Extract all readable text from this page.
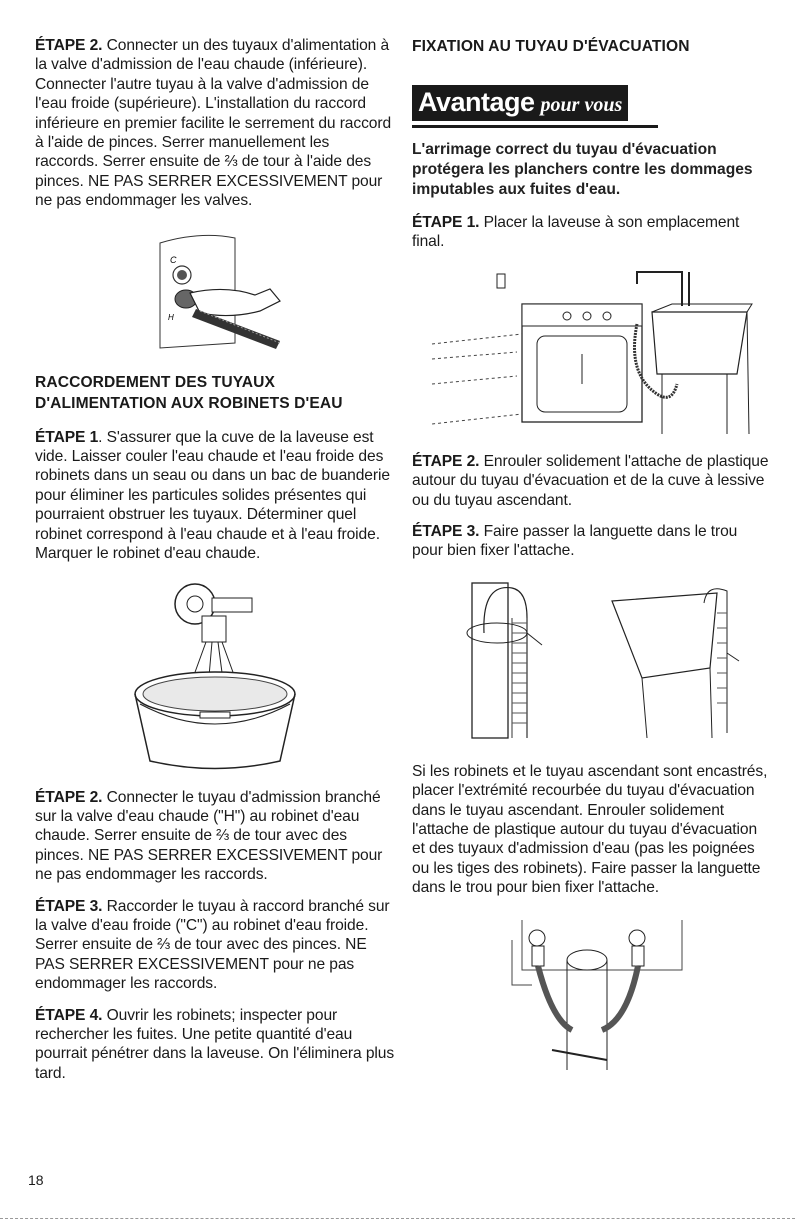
ÉTAPE 2. Connecter un des tuyaux d'alimentation à la valve d'admission de l'eau chaude (inférieure). Connecter l'autre tuyau à la valve d'admission de l'eau froide (supérieure). L'installation du raccord inférieure en premier facilite le serrement du raccord à l'aide de pinces. Serrer manuellement les raccords. Serrer ensuite de ⅔ de tour à l'aide des pinces. NE PAS SERRER EXCESSIVEMENT pour ne pas endommager les valves.

C
H
RACCORDEMENT DES TUYAUX D'ALIMENTATION AUX ROBINETS D'EAU

ÉTAPE 1. S'assurer que la cuve de la laveuse est vide. Laisser couler l'eau chaude et l'eau froide des robinets dans un seau ou dans un bac de buanderie pour éliminer les particules solides présentes qui pourraient obstruer les tuyaux. Déterminer quel robinet correspond à l'eau chaude et à l'eau froide. Marquer le robinet d'eau chaude.

ÉTAPE 2. Connecter le tuyau d'admission branché sur la valve d'eau chaude ("H") au robinet d'eau chaude. Serrer ensuite de ⅔ de tour avec des pinces. NE PAS SERRER EXCESSIVEMENT pour ne pas endommager les raccords.

ÉTAPE 3. Raccorder le tuyau à raccord branché sur la valve d'eau froide ("C") au robinet d'eau froide. Serrer ensuite de ⅔ de tour avec des pinces. NE PAS SERRER EXCESSIVEMENT pour ne pas endommager les raccords.

ÉTAPE 4. Ouvrir les robinets; inspecter pour rechercher les fuites. Une petite quantité d'eau pourrait pénétrer dans la laveuse. On l'éliminera plus tard.

FIXATION AU TUYAU D'ÉVACUATION
Avantage pour vous

L'arrimage correct du tuyau d'évacuation protégera les planchers contre les dommages imputables aux fuites d'eau.

ÉTAPE 1. Placer la laveuse à son emplacement final.

ÉTAPE 2. Enrouler solidement l'attache de plastique autour du tuyau d'évacuation et de la cuve à lessive ou du tuyau ascendant.

ÉTAPE 3. Faire passer la languette dans le trou pour bien fixer l'attache.

Si les robinets et le tuyau ascendant sont encastrés, placer l'extrémité recourbée du tuyau d'évacuation dans le tuyau ascendant. Enrouler solidement l'attache de plastique autour du tuyau d'évacuation et des tuyaux d'admission d'eau (pas les poignées ou les tiges des robinets). Faire passer la languette dans le trou pour bien fixer l'attache.

18
